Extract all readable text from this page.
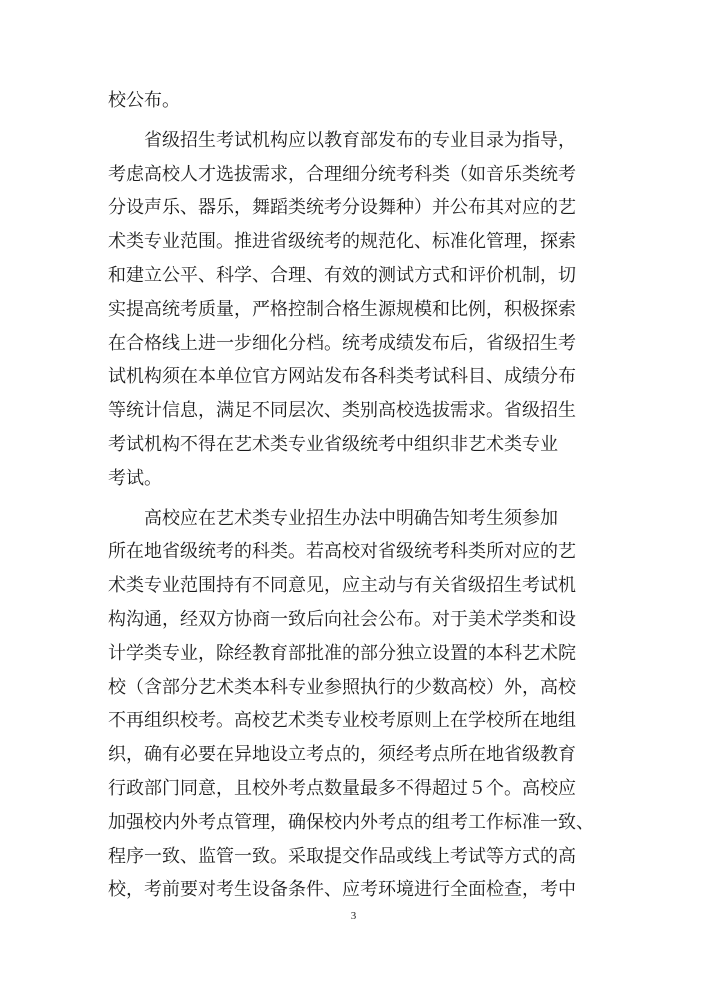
校公布。
　　省级招生考试机构应以教育部发布的专业目录为指导，
考虑高校人才选拔需求，合理细分统考科类（如音乐类统考
分设声乐、器乐，舞蹈类统考分设舞种）并公布其对应的艺
术类专业范围。推进省级统考的规范化、标准化管理，探索
和建立公平、科学、合理、有效的测试方式和评价机制，切
实提高统考质量，严格控制合格生源规模和比例，积极探索
在合格线上进一步细化分档。统考成绩发布后，省级招生考
试机构须在本单位官方网站发布各科类考试科目、成绩分布
等统计信息，满足不同层次、类别高校选拔需求。省级招生
考试机构不得在艺术类专业省级统考中组织非艺术类专业
考试。
　　高校应在艺术类专业招生办法中明确告知考生须参加
所在地省级统考的科类。若高校对省级统考科类所对应的艺
术类专业范围持有不同意见，应主动与有关省级招生考试机
构沟通，经双方协商一致后向社会公布。对于美术学类和设
计学类专业，除经教育部批准的部分独立设置的本科艺术院
校（含部分艺术类本科专业参照执行的少数高校）外，高校
不再组织校考。高校艺术类专业校考原则上在学校所在地组
织，确有必要在异地设立考点的，须经考点所在地省级教育
行政部门同意，且校外考点数量最多不得超过５个。高校应
加强校内外考点管理，确保校内外考点的组考工作标准一致、
程序一致、监管一致。采取提交作品或线上考试等方式的高
校，考前要对考生设备条件、应考环境进行全面检查，考中
3
